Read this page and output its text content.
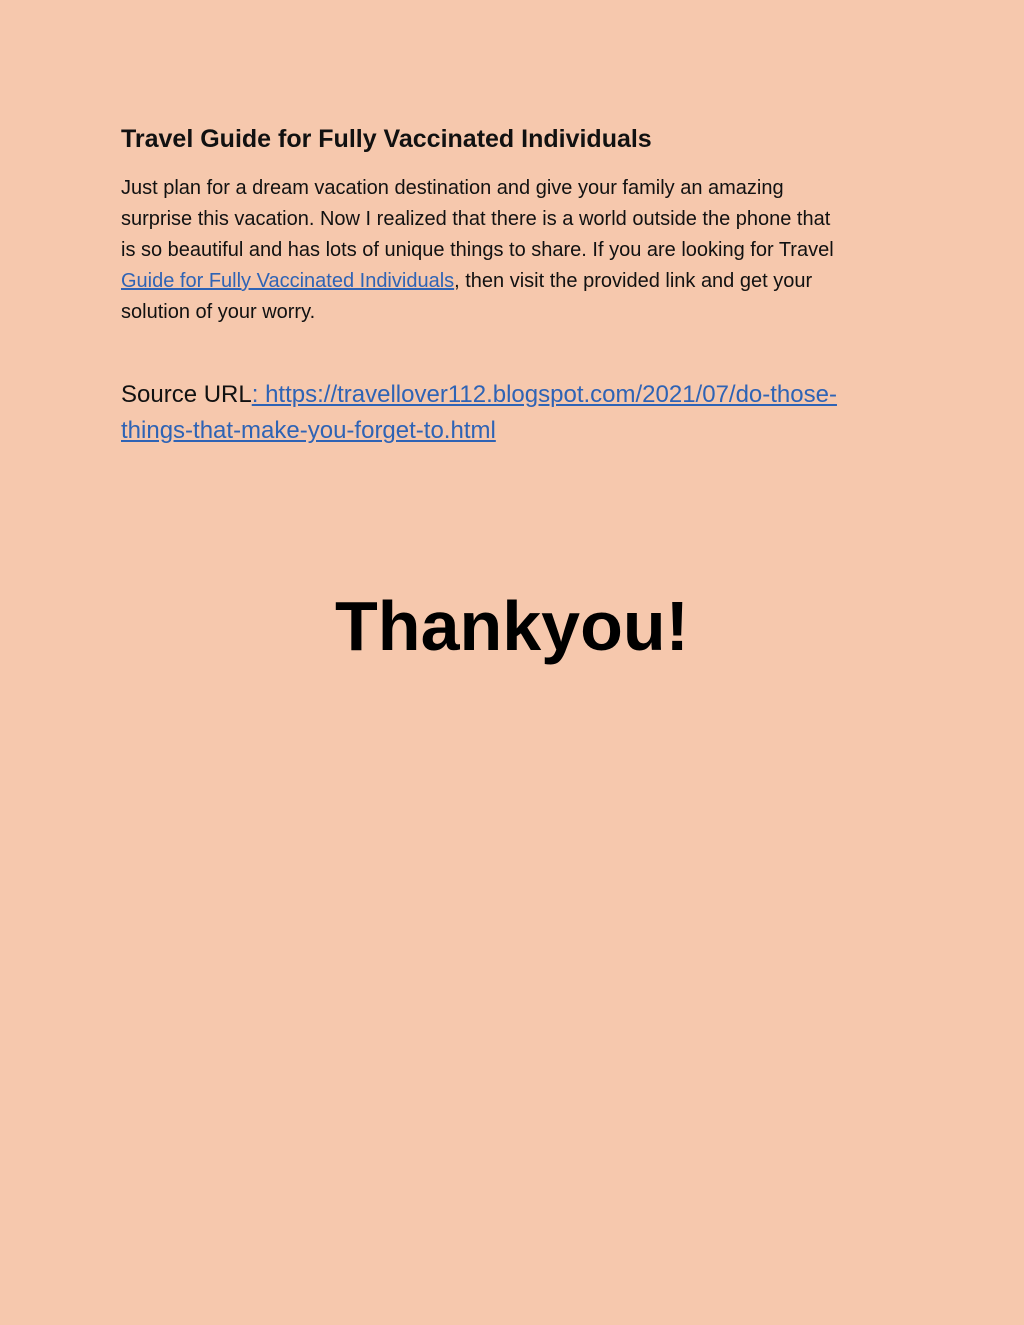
Travel Guide for Fully Vaccinated Individuals

Just plan for a dream vacation destination and give your family an amazing
surprise this vacation. Now I realized that there is a world outside the phone that
is so beautiful and has lots of unique things to share. If you are looking for Travel
Guide for Fully Vaccinated Individuals, then visit the provided link and get your
solution of your worry.

Source URL: https://travellover112.blogspot.com/2021/07/do-those-
things-that-make-you-forget-to.html

Thankyou!
